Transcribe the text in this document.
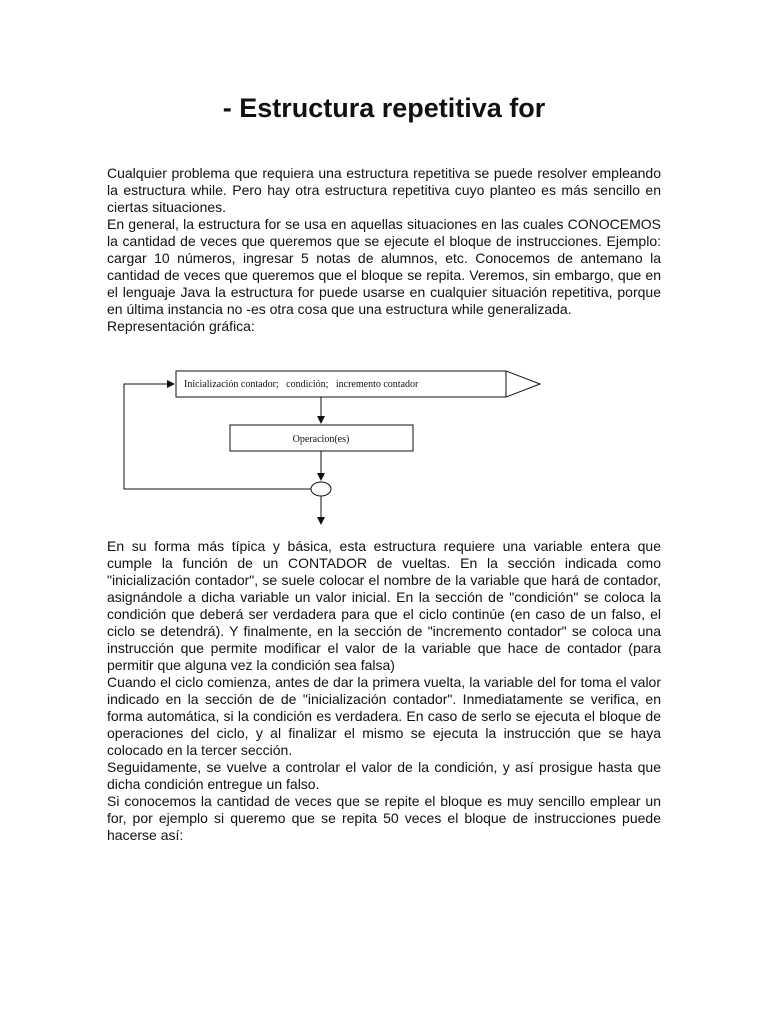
- Estructura repetitiva for

Cualquier problema que requiera una estructura repetitiva se puede resolver empleando la estructura while. Pero hay otra estructura repetitiva cuyo planteo es más sencillo en ciertas situaciones.

En general, la estructura for se usa en aquellas situaciones en las cuales CONOCEMOS la cantidad de veces que queremos que se ejecute el bloque de instrucciones. Ejemplo: cargar 10 números, ingresar 5 notas de alumnos, etc. Conocemos de antemano la cantidad de veces que queremos que el bloque se repita. Veremos, sin embargo, que en el lenguaje Java la estructura for puede usarse en cualquier situación repetitiva, porque en última instancia no -es otra cosa que una estructura while generalizada.

Representación gráfica:

Inicialización contador;   condición;   incremento contador
Operacion(es)

En su forma más típica y básica, esta estructura requiere una variable entera que cumple la función de un CONTADOR de vueltas. En la sección indicada como "inicialización contador", se suele colocar el nombre de la variable que hará de contador, asignándole a dicha variable un valor inicial. En la sección de "condición" se coloca la condición que deberá ser verdadera para que el ciclo continúe (en caso de un falso, el ciclo se detendrá). Y finalmente, en la sección de "incremento contador" se coloca una instrucción que permite modificar el valor de la variable que hace de contador (para permitir que alguna vez la condición sea falsa)

Cuando el ciclo comienza, antes de dar la primera vuelta, la variable del for toma el valor indicado en la sección de de "inicialización contador". Inmediatamente se verifica, en forma automática, si la condición es verdadera. En caso de serlo se ejecuta el bloque de operaciones del ciclo, y al finalizar el mismo se ejecuta la instrucción que se haya colocado en la tercer sección.

Seguidamente, se vuelve a controlar el valor de la condición, y así prosigue hasta que dicha condición entregue un falso.

Si conocemos la cantidad de veces que se repite el bloque es muy sencillo emplear un for, por ejemplo si queremo que se repita 50 veces el bloque de instrucciones puede hacerse así:
